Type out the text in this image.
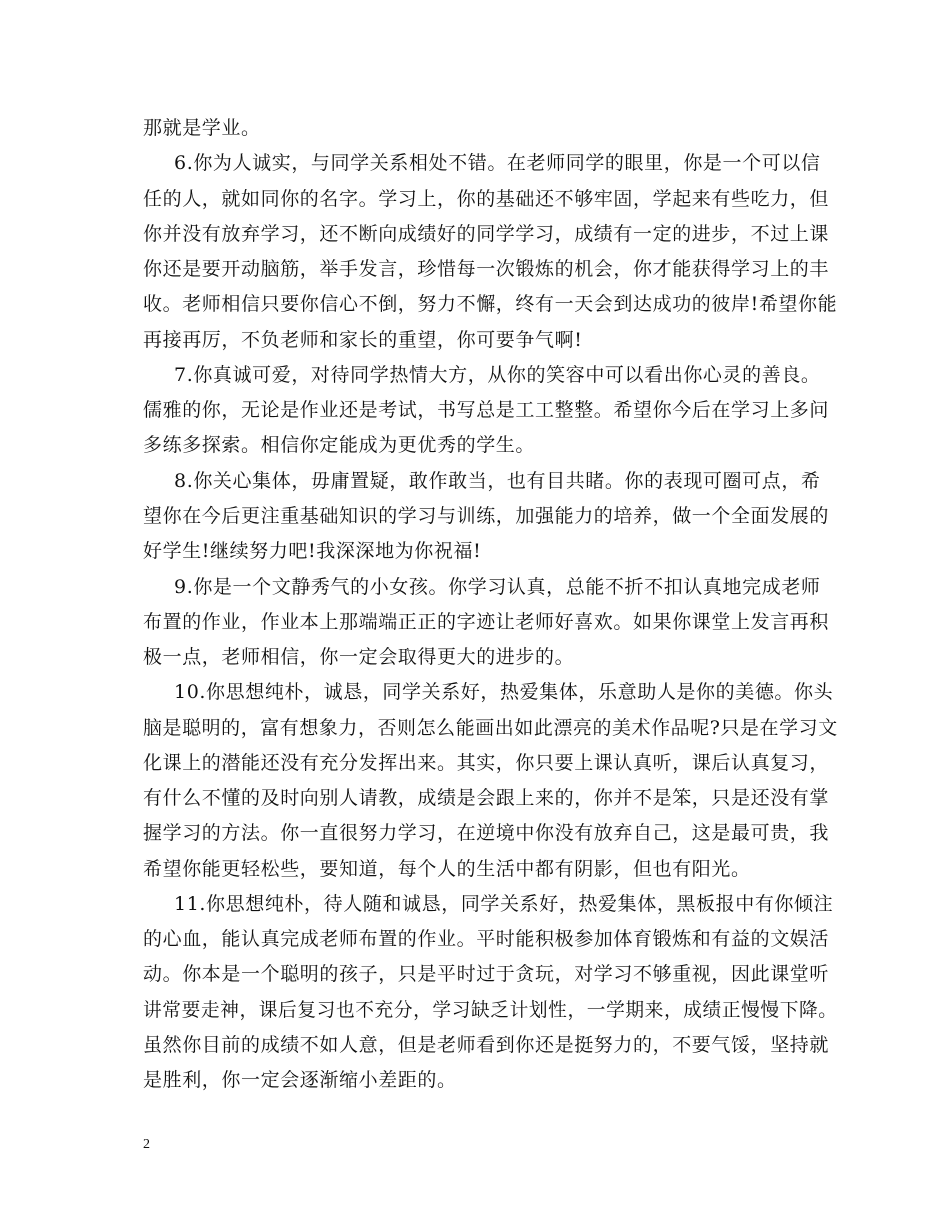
那就是学业。
6.你为人诚实，与同学关系相处不错。在老师同学的眼里，你是一个可以信
任的人，就如同你的名字。学习上，你的基础还不够牢固，学起来有些吃力，但
你并没有放弃学习，还不断向成绩好的同学学习，成绩有一定的进步，不过上课
你还是要开动脑筋，举手发言，珍惜每一次锻炼的机会，你才能获得学习上的丰
收。老师相信只要你信心不倒，努力不懈，终有一天会到达成功的彼岸!希望你能
再接再厉，不负老师和家长的重望，你可要争气啊!
7.你真诚可爱，对待同学热情大方，从你的笑容中可以看出你心灵的善良。
儒雅的你，无论是作业还是考试，书写总是工工整整。希望你今后在学习上多问
多练多探索。相信你定能成为更优秀的学生。
8.你关心集体，毋庸置疑，敢作敢当，也有目共睹。你的表现可圈可点，希
望你在今后更注重基础知识的学习与训练，加强能力的培养，做一个全面发展的
好学生!继续努力吧!我深深地为你祝福!
9.你是一个文静秀气的小女孩。你学习认真，总能不折不扣认真地完成老师
布置的作业，作业本上那端端正正的字迹让老师好喜欢。如果你课堂上发言再积
极一点，老师相信，你一定会取得更大的进步的。
10.你思想纯朴，诚恳，同学关系好，热爱集体，乐意助人是你的美德。你头
脑是聪明的，富有想象力，否则怎么能画出如此漂亮的美术作品呢?只是在学习文
化课上的潜能还没有充分发挥出来。其实，你只要上课认真听，课后认真复习，
有什么不懂的及时向别人请教，成绩是会跟上来的，你并不是笨，只是还没有掌
握学习的方法。你一直很努力学习，在逆境中你没有放弃自己，这是最可贵，我
希望你能更轻松些，要知道，每个人的生活中都有阴影，但也有阳光。
11.你思想纯朴，待人随和诚恳，同学关系好，热爱集体，黑板报中有你倾注
的心血，能认真完成老师布置的作业。平时能积极参加体育锻炼和有益的文娱活
动。你本是一个聪明的孩子，只是平时过于贪玩，对学习不够重视，因此课堂听
讲常要走神，课后复习也不充分，学习缺乏计划性，一学期来，成绩正慢慢下降。
虽然你目前的成绩不如人意，但是老师看到你还是挺努力的，不要气馁，坚持就
是胜利，你一定会逐渐缩小差距的。
2
